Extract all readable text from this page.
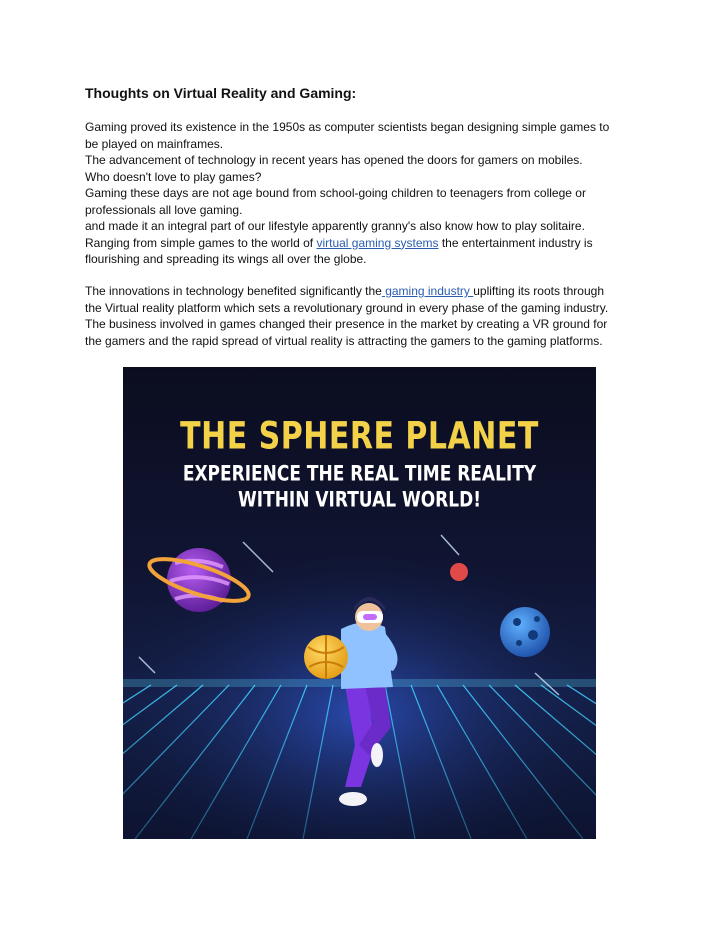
Thoughts on Virtual Reality and Gaming:

Gaming proved its existence in the 1950s as computer scientists began designing simple games to
be played on mainframes.
The advancement of technology in recent years has opened the doors for gamers on mobiles.
Who doesn't love to play games?
Gaming these days are not age bound from school-going children to teenagers from college or
professionals all love gaming.
and made it an integral part of our lifestyle apparently granny's also know how to play solitaire.
Ranging from simple games to the world of virtual gaming systems the entertainment industry is
flourishing and spreading its wings all over the globe.

The innovations in technology benefited significantly the gaming industry uplifting its roots through
the Virtual reality platform which sets a revolutionary ground in every phase of the gaming industry.
The business involved in games changed their presence in the market by creating a VR ground for
the gamers and the rapid spread of virtual reality is attracting the gamers to the gaming platforms.

THE SPHERE PLANET
EXPERIENCE THE REAL TIME REALITY
WITHIN VIRTUAL WORLD!
